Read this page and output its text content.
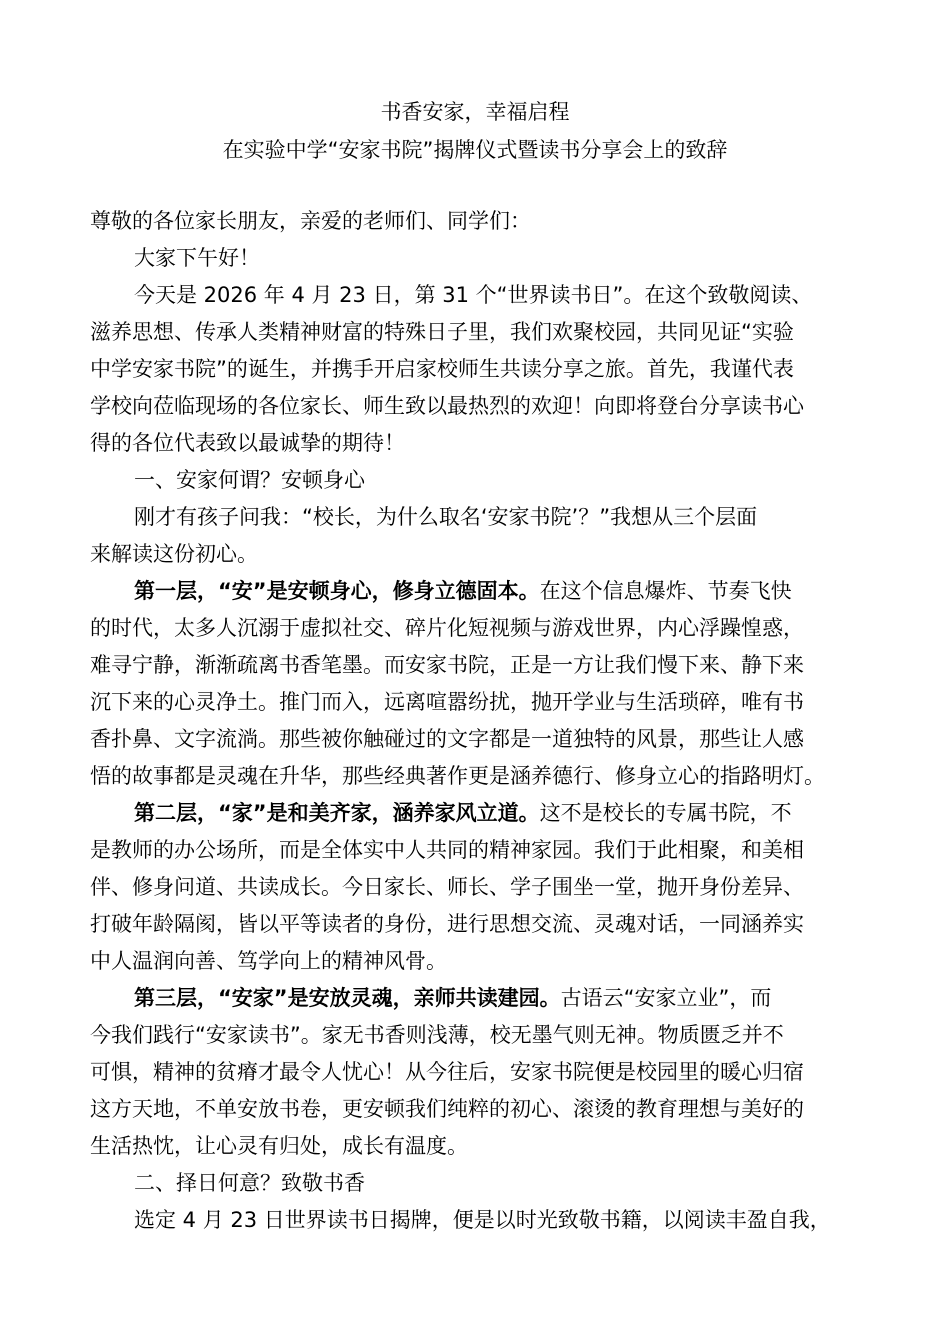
书香安家，幸福启程
在实验中学“安家书院”揭牌仪式暨读书分享会上的致辞
尊敬的各位家长朋友，亲爱的老师们、同学们：
大家下午好！
今天是 2026 年 4 月 23 日，第 31 个“世界读书日”。在这个致敬阅读、
滋养思想、传承人类精神财富的特殊日子里，我们欢聚校园，共同见证“实验
中学安家书院”的诞生，并携手开启家校师生共读分享之旅。首先，我谨代表
学校向莅临现场的各位家长、师生致以最热烈的欢迎！向即将登台分享读书心
得的各位代表致以最诚挚的期待！
一、安家何谓？安顿身心
刚才有孩子问我：“校长，为什么取名‘安家书院’？”我想从三个层面
来解读这份初心。
第一层，“安”是安顿身心，修身立德固本。在这个信息爆炸、节奏飞快
的时代，太多人沉溺于虚拟社交、碎片化短视频与游戏世界，内心浮躁惶惑，
难寻宁静，渐渐疏离书香笔墨。而安家书院，正是一方让我们慢下来、静下来
沉下来的心灵净土。推门而入，远离喧嚣纷扰，抛开学业与生活琐碎，唯有书
香扑鼻、文字流淌。那些被你触碰过的文字都是一道独特的风景，那些让人感
悟的故事都是灵魂在升华，那些经典著作更是涵养德行、修身立心的指路明灯。
第二层，“家”是和美齐家，涵养家风立道。这不是校长的专属书院，不
是教师的办公场所，而是全体实中人共同的精神家园。我们于此相聚，和美相
伴、修身问道、共读成长。今日家长、师长、学子围坐一堂，抛开身份差异、
打破年龄隔阂，皆以平等读者的身份，进行思想交流、灵魂对话，一同涵养实
中人温润向善、笃学向上的精神风骨。
第三层，“安家”是安放灵魂，亲师共读建园。古语云“安家立业”，而
今我们践行“安家读书”。家无书香则浅薄，校无墨气则无神。物质匮乏并不
可惧，精神的贫瘠才最令人忧心！从今往后，安家书院便是校园里的暖心归宿
这方天地，不单安放书卷，更安顿我们纯粹的初心、滚烫的教育理想与美好的
生活热忱，让心灵有归处，成长有温度。
二、择日何意？致敬书香
选定 4 月 23 日世界读书日揭牌，便是以时光致敬书籍，以阅读丰盈自我，
